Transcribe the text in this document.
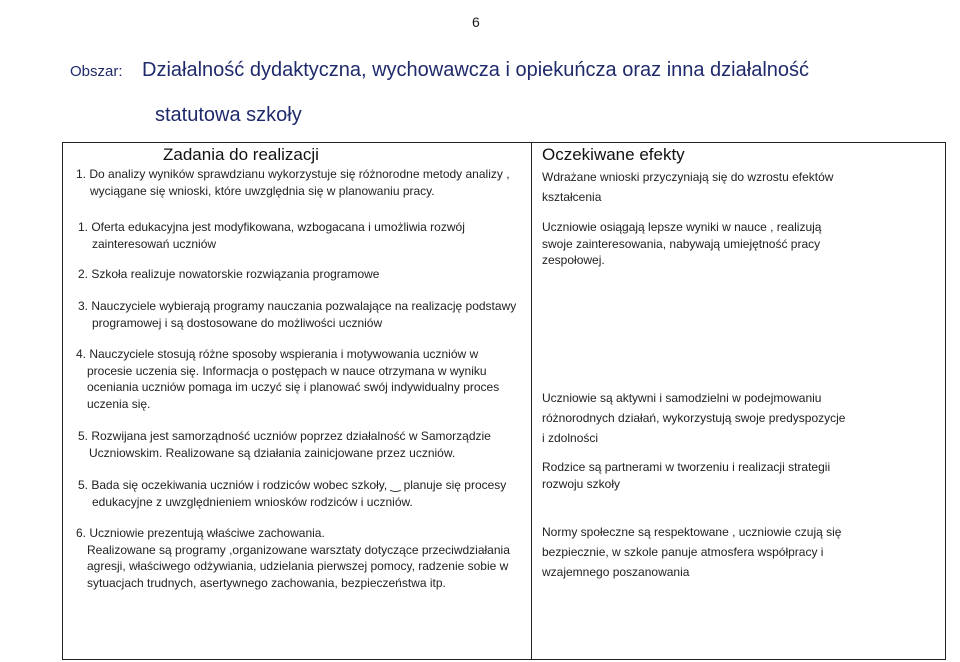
6
Obszar: Działalność dydaktyczna, wychowawcza i opiekuńcza oraz inna działalność
statutowa szkoły
Zadania do realizacji	Oczekiwane efekty
1. Do analizy wyników sprawdzianu wykorzystuje się różnorodne metody analizy ,
wyciągane się wnioski, które uwzględnia się w planowaniu pracy.
1. Oferta edukacyjna jest modyfikowana, wzbogacana i umożliwia rozwój
zainteresowań uczniów
2. Szkoła realizuje nowatorskie rozwiązania programowe
3. Nauczyciele wybierają programy nauczania pozwalające na realizację podstawy
programowej i są dostosowane do możliwości uczniów
4. Nauczyciele stosują różne sposoby wspierania i motywowania uczniów w
procesie uczenia się. Informacja o postępach w nauce otrzymana w wyniku
oceniania uczniów pomaga im uczyć się i planować swój indywidualny proces
uczenia się.
5. Rozwijana jest samorządność uczniów poprzez działalność w Samorządzie
Uczniowskim. Realizowane są działania zainicjowane przez uczniów.
5. Bada się oczekiwania uczniów i rodziców wobec szkoły, ‿ planuje się procesy
edukacyjne z uwzględnieniem wniosków rodziców i uczniów.
6. Uczniowie prezentują właściwe zachowania.
Realizowane są programy ,organizowane warsztaty dotyczące przeciwdziałania
agresji, właściwego odżywiania, udzielania pierwszej pomocy, radzenie sobie w
sytuacjach trudnych, asertywnego zachowania, bezpieczeństwa itp.
Wdrażane wnioski przyczyniają się do wzrostu efektów
kształcenia
Uczniowie osiągają lepsze wyniki w nauce , realizują
swoje zainteresowania, nabywają umiejętność pracy
zespołowej.
Uczniowie są aktywni i samodzielni w podejmowaniu
różnorodnych działań, wykorzystują swoje predyspozycje
i zdolności
Rodzice są partnerami w tworzeniu i realizacji strategii
rozwoju szkoły
Normy społeczne są respektowane , uczniowie czują się
bezpiecznie, w szkole panuje atmosfera współpracy i
wzajemnego poszanowania
